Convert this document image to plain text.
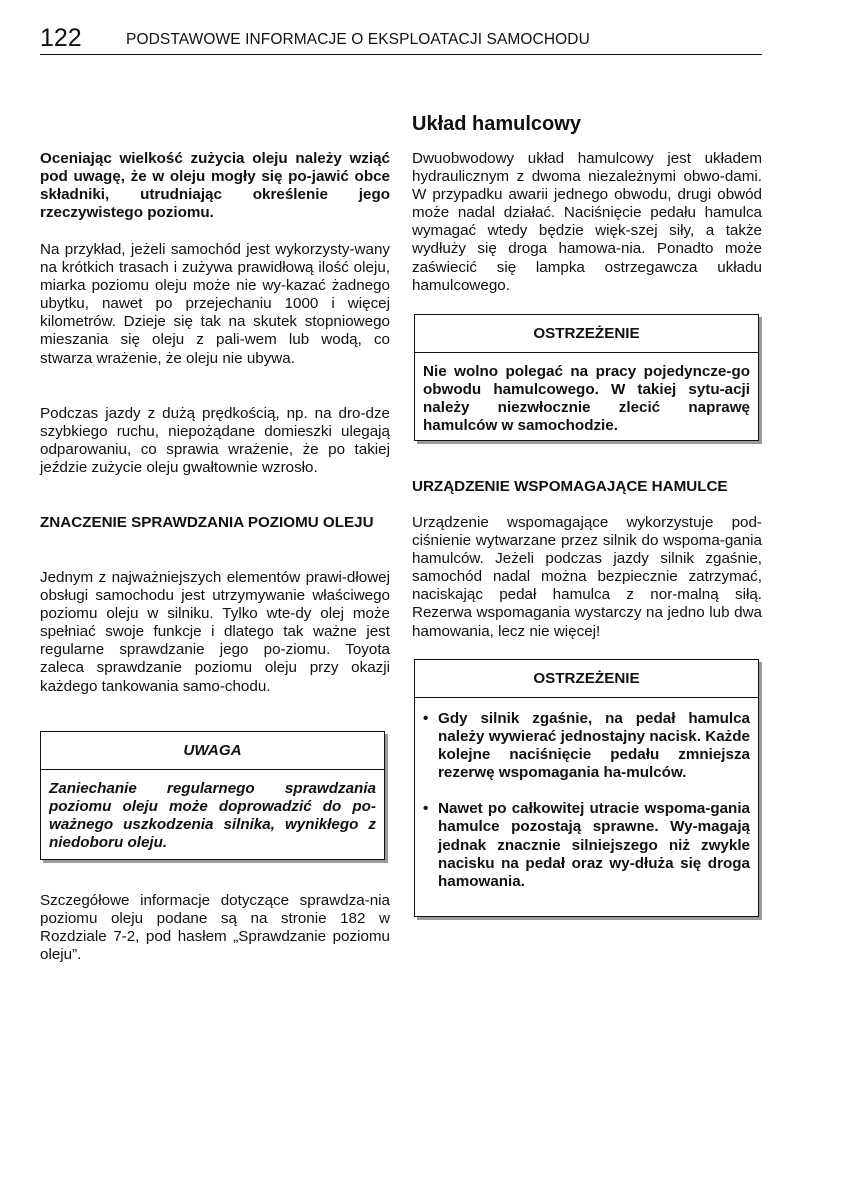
122	PODSTAWOWE INFORMACJE O EKSPLOATACJI SAMOCHODU

Oceniając wielkość zużycia oleju należy wziąć pod uwagę, że w oleju mogły się po-jawić obce składniki, utrudniając określenie jego rzeczywistego poziomu.

Na przykład, jeżeli samochód jest wykorzysty-wany na krótkich trasach i zużywa prawidłową ilość oleju, miarka poziomu oleju może nie wy-kazać żadnego ubytku, nawet po przejechaniu 1000 i więcej kilometrów. Dzieje się tak na skutek stopniowego mieszania się oleju z pali-wem lub wodą, co stwarza wrażenie, że oleju nie ubywa.

Podczas jazdy z dużą prędkością, np. na dro-dze szybkiego ruchu, niepożądane domieszki ulegają odparowaniu, co sprawia wrażenie, że po takiej jeździe zużycie oleju gwałtownie wzrosło.

ZNACZENIE SPRAWDZANIA POZIOMU OLEJU

Jednym z najważniejszych elementów prawi-dłowej obsługi samochodu jest utrzymywanie właściwego poziomu oleju w silniku. Tylko wte-dy olej może spełniać swoje funkcje i dlatego tak ważne jest regularne sprawdzanie jego po-ziomu. Toyota zaleca sprawdzanie poziomu oleju przy okazji każdego tankowania samo-chodu.

UWAGA

Zaniechanie regularnego sprawdzania poziomu oleju może doprowadzić do po-ważnego uszkodzenia silnika, wynikłego z niedoboru oleju.

Szczegółowe informacje dotyczące sprawdza-nia poziomu oleju podane są na stronie 182 w Rozdziale 7-2, pod hasłem „Sprawdzanie poziomu oleju”.

Układ hamulcowy

Dwuobwodowy układ hamulcowy jest układem hydraulicznym z dwoma niezależnymi obwo-dami. W przypadku awarii jednego obwodu, drugi obwód może nadal działać. Naciśnięcie pedału hamulca wymagać wtedy będzie więk-szej siły, a także wydłuży się droga hamowa-nia. Ponadto może zaświecić się lampka ostrzegawcza układu hamulcowego.

OSTRZEŻENIE

Nie wolno polegać na pracy pojedyncze-go obwodu hamulcowego. W takiej sytu-acji należy niezwłocznie zlecić naprawę hamulców w samochodzie.

URZĄDZENIE WSPOMAGAJĄCE HAMULCE

Urządzenie wspomagające wykorzystuje pod-ciśnienie wytwarzane przez silnik do wspoma-gania hamulców. Jeżeli podczas jazdy silnik zgaśnie, samochód nadal można bezpiecznie zatrzymać, naciskając pedał hamulca z nor-malną siłą. Rezerwa wspomagania wystarczy na jedno lub dwa hamowania, lecz nie więcej!

OSTRZEŻENIE
• Gdy silnik zgaśnie, na pedał hamulca należy wywierać jednostajny nacisk. Każde kolejne naciśnięcie pedału zmniejsza rezerwę wspomagania ha-mulców.
• Nawet po całkowitej utracie wspoma-gania hamulce pozostają sprawne. Wy-magają jednak znacznie silniejszego niż zwykle nacisku na pedał oraz wy-dłuża się droga hamowania.
